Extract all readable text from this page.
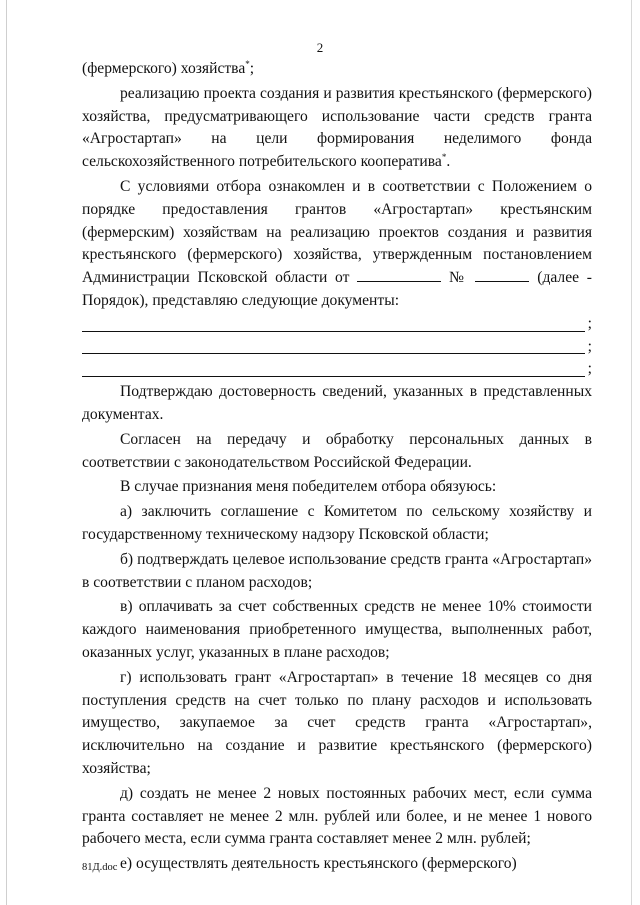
2

(фермерского) хозяйства*;

реализацию проекта создания и развития крестьянского (фермерского) хозяйства, предусматривающего использование части средств гранта «Агростартап» на цели формирования неделимого фонда сельскохозяйственного потребительского кооператива*.

С условиями отбора ознакомлен и в соответствии с Положением о порядке предоставления грантов «Агростартап» крестьянским (фермерским) хозяйствам на реализацию проектов создания и развития крестьянского (фермерского) хозяйства, утвержденным постановлением Администрации Псковской области от	№	(далее - Порядок), представляю следующие документы:

;
;
;

Подтверждаю достоверность сведений, указанных в представленных документах.

Согласен на передачу и обработку персональных данных в соответствии с законодательством Российской Федерации.

В случае признания меня победителем отбора обязуюсь:

а) заключить соглашение с Комитетом по сельскому хозяйству и государственному техническому надзору Псковской области;

б) подтверждать целевое использование средств гранта «Агростартап» в соответствии с планом расходов;

в) оплачивать за счет собственных средств не менее 10% стоимости каждого наименования приобретенного имущества, выполненных работ, оказанных услуг, указанных в плане расходов;

г) использовать грант «Агростартап» в течение 18 месяцев со дня поступления средств на счет только по плану расходов и использовать имущество, закупаемое за счет средств гранта «Агростартап», исключительно на создание и развитие крестьянского (фермерского) хозяйства;

д) создать не менее 2 новых постоянных рабочих мест, если сумма гранта составляет не менее 2 млн. рублей или более, и не менее 1 нового рабочего места, если сумма гранта составляет менее 2 млн. рублей;

е) осуществлять деятельность крестьянского (фермерского)

81Д.doc
